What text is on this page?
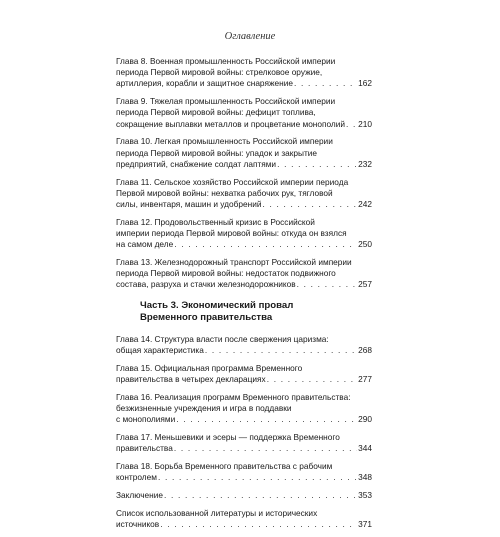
Оглавление
Глава 8. Военная промышленность Российской империи
периода Первой мировой войны: стрелковое оружие,
артиллерия, корабли и защитное снаряжение . . .	162
Глава 9. Тяжелая промышленность Российской империи
периода Первой мировой войны: дефицит топлива,
сокращение выплавки металлов и процветание монополий . . . 210
Глава 10. Легкая промышленность Российской империи
периода Первой мировой войны: упадок и закрытие
предприятий, снабжение солдат лаптями . . .	232
Глава 11. Сельское хозяйство Российской империи периода
Первой мировой войны: нехватка рабочих рук, тягловой
силы, инвентаря, машин и удобрений . . .	242
Глава 12. Продовольственный кризис в Российской
империи периода Первой мировой войны: откуда он взялся
на самом деле . . .	250
Глава 13. Железнодорожный транспорт Российской империи
периода Первой мировой войны: недостаток подвижного
состава, разруха и стачки железнодорожников . . .	257
Часть 3. Экономический провал
Временного правительства
Глава 14. Структура власти после свержения царизма:
общая характеристика . . .	268
Глава 15. Официальная программа Временного
правительства в четырех декларациях . . .	277
Глава 16. Реализация программ Временного правительства:
безжизненные учреждения и игра в поддавки
с монополиями . . .	290
Глава 17. Меньшевики и эсеры — поддержка Временного
правительства . . .	344
Глава 18. Борьба Временного правительства с рабочим
контролем . . .	348
Заключение . . .	353
Список использованной литературы и исторических
источников . . .	371
